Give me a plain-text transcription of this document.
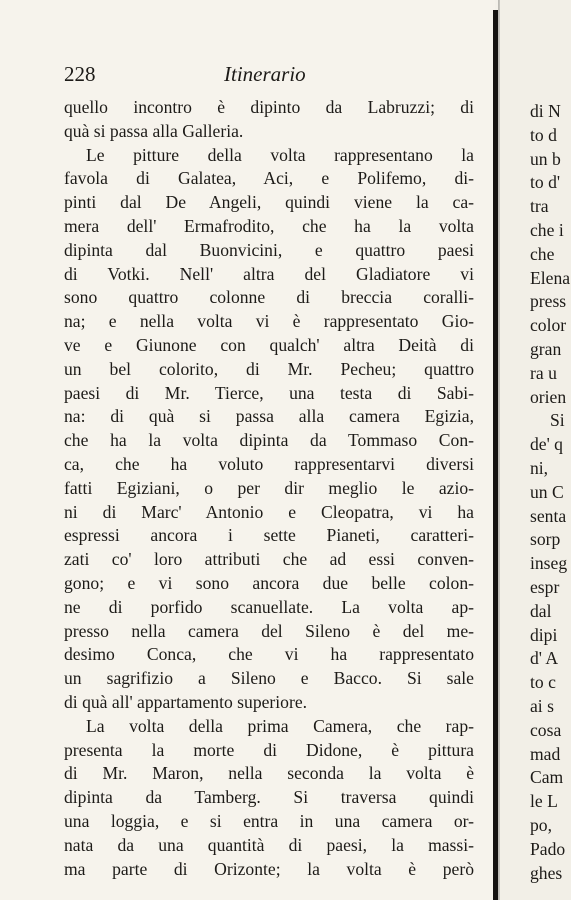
228	Itinerario
quello incontro è dipinto da Labruzzi; di
quà si passa alla Galleria.
Le pitture della volta rappresentano la
favola di Galatea, Aci, e Polifemo, di-
pinti dal De Angeli, quindi viene la ca-
mera dell' Ermafrodito, che ha la volta
dipinta dal Buonvicini, e quattro paesi
di Votki. Nell' altra del Gladiatore vi
sono quattro colonne di breccia coralli-
na; e nella volta vi è rappresentato Gio-
ve e Giunone con qualch' altra Deità di
un bel colorito, di Mr. Pecheu; quattro
paesi di Mr. Tierce, una testa di Sabi-
na: di quà si passa alla camera Egizia,
che ha la volta dipinta da Tommaso Con-
ca, che ha voluto rappresentarvi diversi
fatti Egiziani, o per dir meglio le azio-
ni di Marc' Antonio e Cleopatra, vi ha
espressi ancora i sette Pianeti, caratteri-
zati co' loro attributi che ad essi conven-
gono; e vi sono ancora due belle colon-
ne di porfido scanuellate. La volta ap-
presso nella camera del Sileno è del me-
desimo Conca, che vi ha rappresentato
un sagrifizio a Sileno e Bacco. Si sale
di quà all' appartamento superiore.
La volta della prima Camera, che rap-
presenta la morte di Didone, è pittura
di Mr. Maron, nella seconda la volta è
dipinta da Tamberg. Si traversa quindi
una loggia, e si entra in una camera or-
nata da una quantità di paesi, la massi-
ma parte di Orizonte; la volta è però
di N
to d
un b
to d'
tra
che i
che
Elena
press
color
gran
ra u
orien
Si
de' q
ni,
un C
senta
sorp
inseg
espr
dal
dipi
d' A
to c
ai s
cosa
mad
Cam
le L
po,
Pado
ghes
